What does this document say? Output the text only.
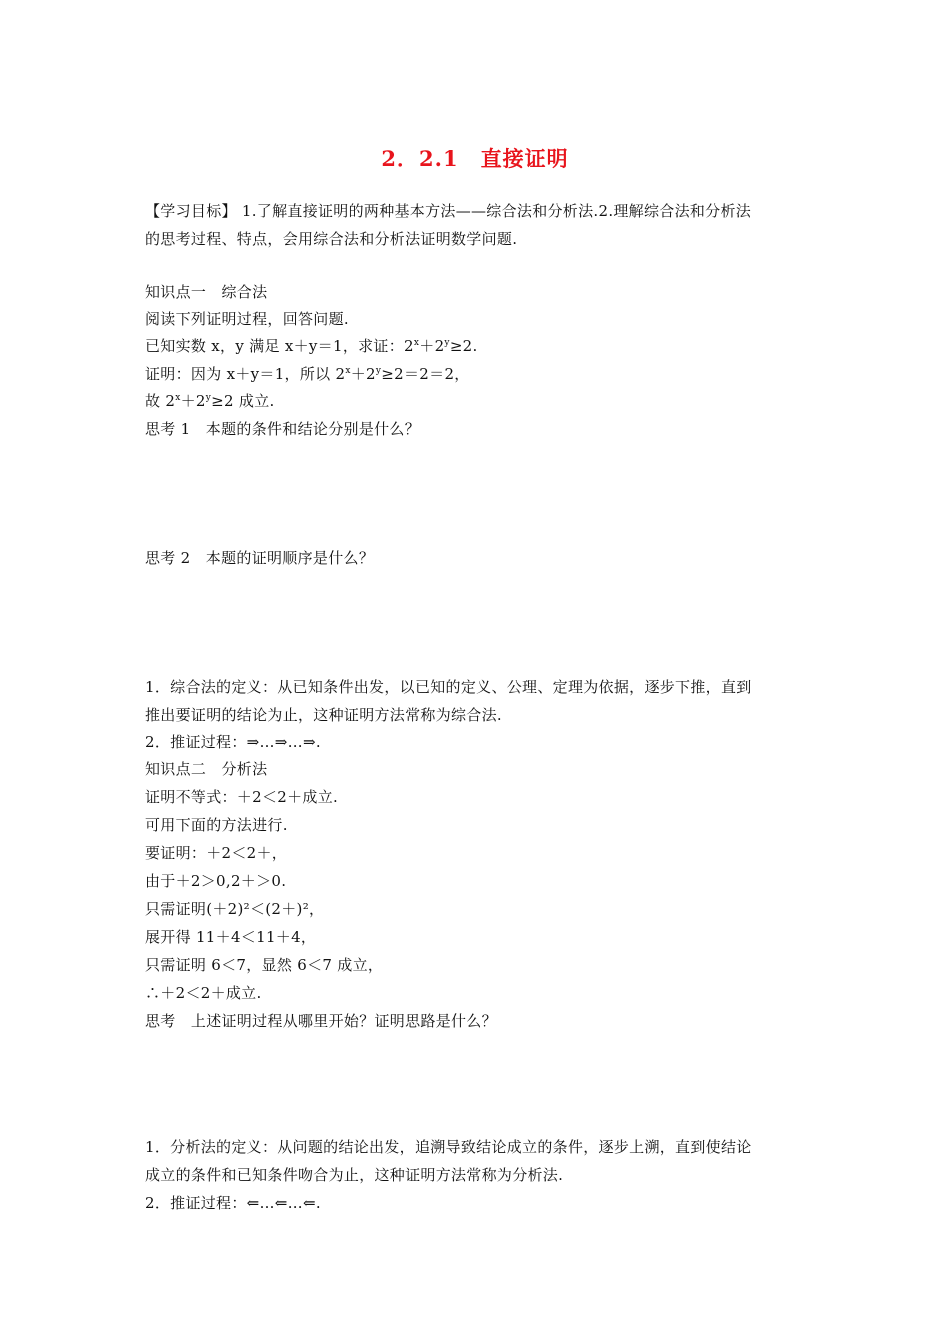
2．2.1　直接证明
【学习目标】 1.了解直接证明的两种基本方法——综合法和分析法.2.理解综合法和分析法
的思考过程、特点，会用综合法和分析法证明数学问题.
知识点一　综合法
阅读下列证明过程，回答问题.
已知实数 x，y 满足 x＋y＝1，求证：$2^x+2^y\ge 2$.
证明：因为 x＋y＝1，所以 $2^x+2^y\ge 2=2=2$，
故 $2^x+2^y\ge 2$ 成立.
思考 1　本题的条件和结论分别是什么？
思考 2　本题的证明顺序是什么？
1．综合法的定义：从已知条件出发，以已知的定义、公理、定理为依据，逐步下推，直到
推出要证明的结论为止，这种证明方法常称为综合法.
2．推证过程：⇒…⇒…⇒.
知识点二　分析法
证明不等式：＋2＜2＋成立.
可用下面的方法进行.
要证明：＋2＜2＋，
由于＋2＞0,2＋＞0.
只需证明(＋2)²＜(2＋)²，
展开得 11＋4＜11＋4，
只需证明 6＜7，显然 6＜7 成立，
∴＋2＜2＋成立.
思考　上述证明过程从哪里开始？证明思路是什么？
1．分析法的定义：从问题的结论出发，追溯导致结论成立的条件，逐步上溯，直到使结论
成立的条件和已知条件吻合为止，这种证明方法常称为分析法.
2．推证过程：⇐…⇐…⇐.
